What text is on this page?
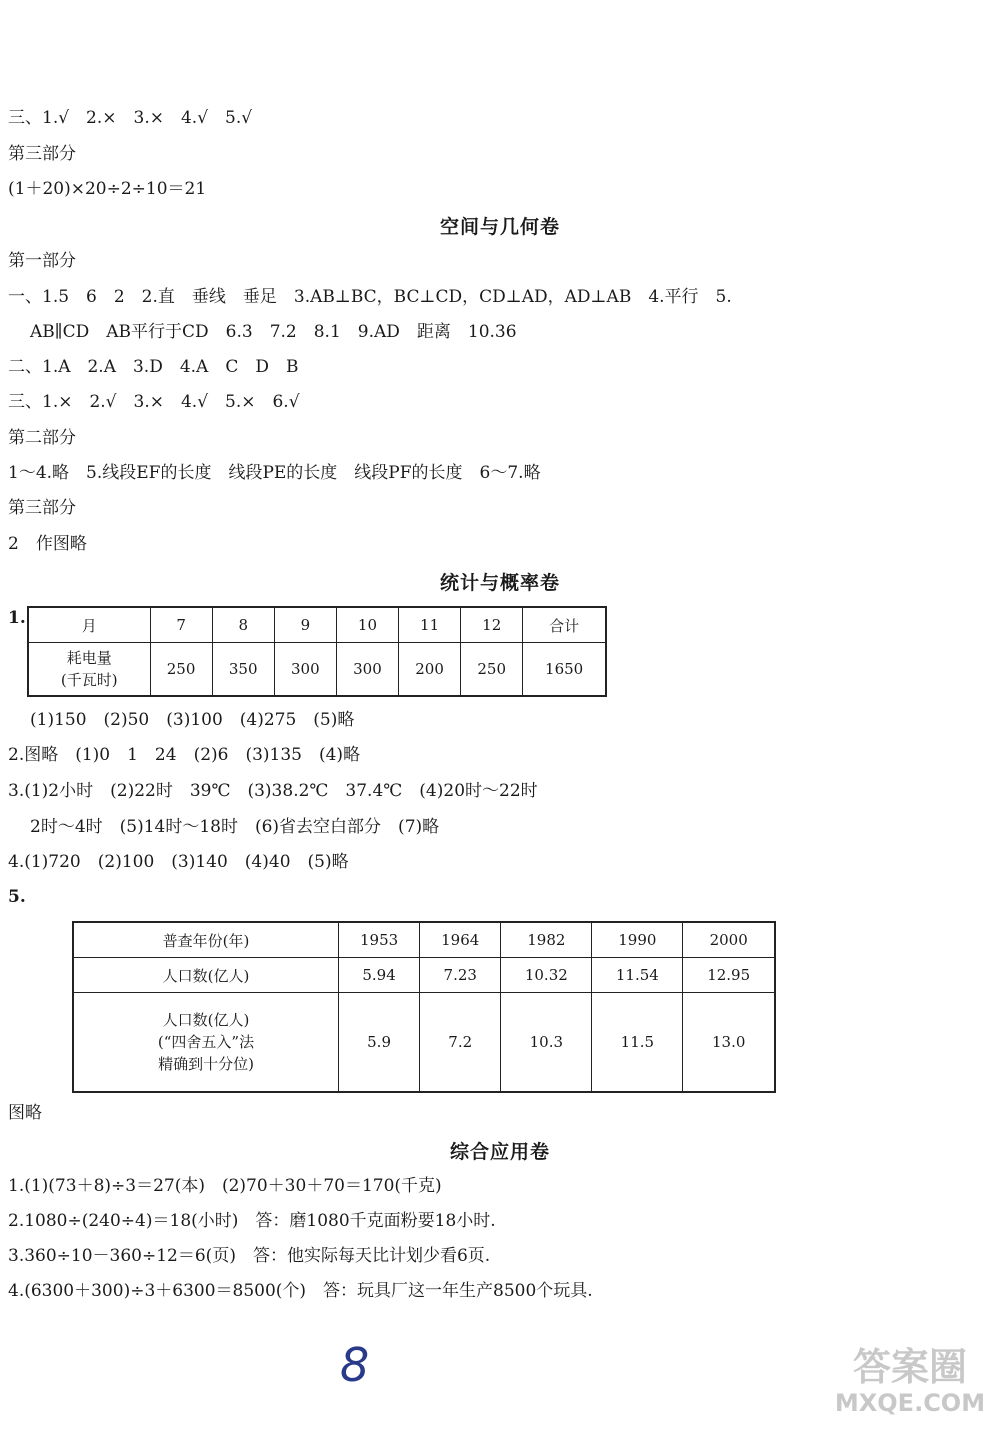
三、1.√　2.×　3.×　4.√　5.√
第三部分
(1＋20)×20÷2÷10＝21
空间与几何卷
第一部分
一、1.5　6　2　2.直　垂线　垂足　3.AB⊥BC，BC⊥CD，CD⊥AD，AD⊥AB　4.平行　5.
AB∥CD　AB平行于CD　6.3　7.2　8.1　9.AD　距离　10.36
二、1.A　2.A　3.D　4.A　C　D　B
三、1.×　2.√　3.×　4.√　5.×　6.√
第二部分
1～4.略　5.线段EF的长度　线段PE的长度　线段PF的长度　6～7.略
第三部分
2　作图略
统计与概率卷
1.	月	7	8	9	10	11	12	合计

耗电量
(千瓦时)	250	350	300	300	200	250	1650
(1)150　(2)50　(3)100　(4)275　(5)略
2.图略　(1)0　1　24　(2)6　(3)135　(4)略
3.(1)2小时　(2)22时　39℃　(3)38.2℃　37.4℃　(4)20时～22时
2时～4时　(5)14时～18时　(6)省去空白部分　(7)略
4.(1)720　(2)100　(3)140　(4)40　(5)略
5.
普查年份(年)	1953	1964	1982	1990	2000
人口数(亿人)	5.94	7.23	10.32	11.54	12.95

人口数(亿人)
(“四舍五入”法
精确到十分位)	5.9	7.2	10.3	11.5	13.0
图略
综合应用卷
1.(1)(73＋8)÷3＝27(本)　(2)70＋30＋70＝170(千克)
2.1080÷(240÷4)＝18(小时)　答：磨1080千克面粉要18小时.
3.360÷10－360÷12＝6(页)　答：他实际每天比计划少看6页.
4.(6300＋300)÷3＋6300＝8500(个)　答：玩具厂这一年生产8500个玩具.
8	答案圈
MXQE.COM
